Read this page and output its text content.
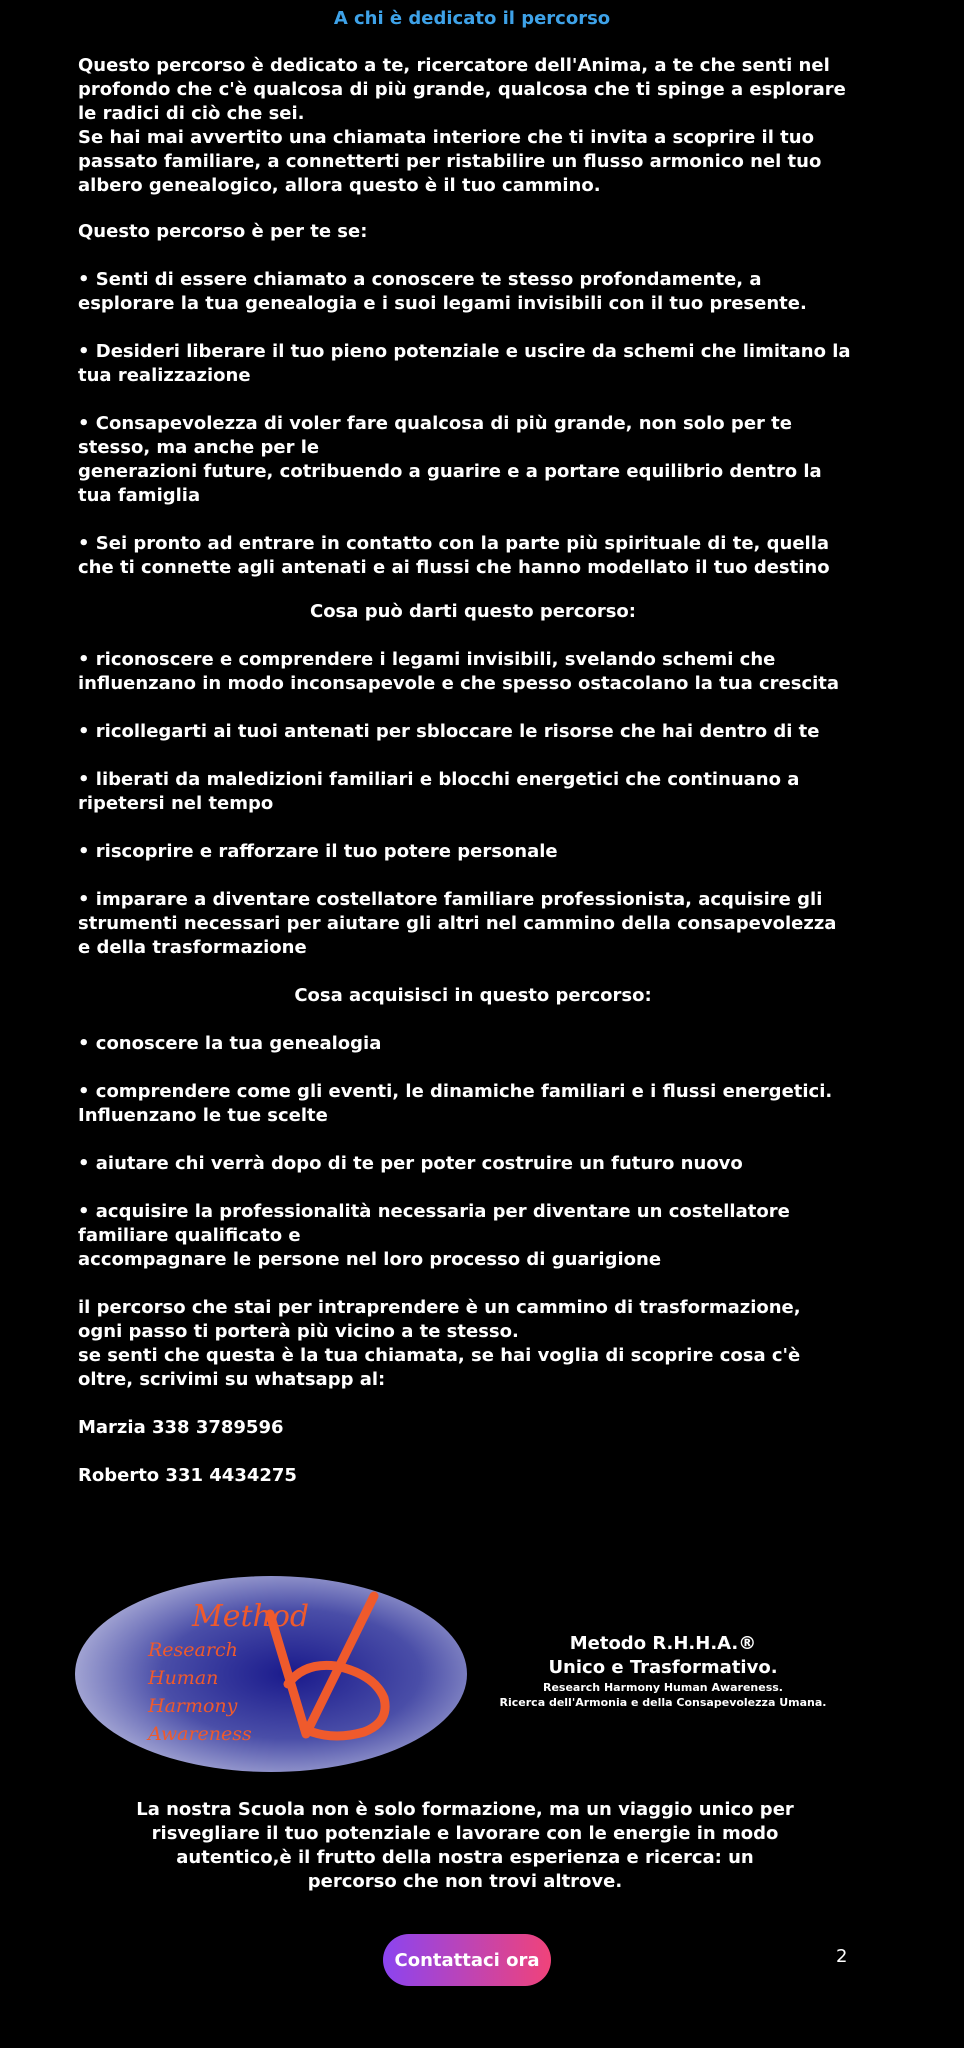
A chi è dedicato il percorso

Questo percorso è dedicato a te, ricercatore dell'Anima, a te che senti nel

profondo che c'è qualcosa di più grande, qualcosa che ti spinge a esplorare

le radici di ciò che sei.

Se hai mai avvertito una chiamata interiore che ti invita a scoprire il tuo

passato familiare, a connetterti per ristabilire un flusso armonico nel tuo

albero genealogico, allora questo è il tuo cammino.

Questo percorso è per te se:

• Senti di essere chiamato a conoscere te stesso profondamente, a

esplorare la tua genealogia e i suoi legami invisibili con il tuo presente.

• Desideri liberare il tuo pieno potenziale e uscire da schemi che limitano la

tua realizzazione

• Consapevolezza di voler fare qualcosa di più grande, non solo per te

stesso, ma anche per le

generazioni future, cotribuendo a guarire e a portare equilibrio dentro la

tua famiglia

• Sei pronto ad entrare in contatto con la parte più spirituale di te, quella

che ti connette agli antenati e ai flussi che hanno modellato il tuo destino

Cosa può darti questo percorso:

• riconoscere e comprendere i legami invisibili, svelando schemi che

influenzano in modo inconsapevole e che spesso ostacolano la tua crescita

• ricollegarti ai tuoi antenati per sbloccare le risorse che hai dentro di te

• liberati da maledizioni familiari e blocchi energetici che continuano a

ripetersi nel tempo

• riscoprire e rafforzare il tuo potere personale

• imparare a diventare costellatore familiare professionista, acquisire gli

strumenti necessari per aiutare gli altri nel cammino della consapevolezza

e della trasformazione

Cosa acquisisci in questo percorso:

• conoscere la tua genealogia

• comprendere come gli eventi, le dinamiche familiari e i flussi energetici.

Influenzano le tue scelte

• aiutare chi verrà dopo di te per poter costruire un futuro nuovo

• acquisire la professionalità necessaria per diventare un costellatore

familiare qualificato e

accompagnare le persone nel loro processo di guarigione

il percorso che stai per intraprendere è un cammino di trasformazione,

ogni passo ti porterà più vicino a te stesso.

se senti che questa è la tua chiamata, se hai voglia di scoprire cosa c'è

oltre, scrivimi su whatsapp al:

Marzia 338 3789596

Roberto 331 4434275

Method
Research
Human
Harmony
Awareness
Metodo R.H.H.A.®
Unico e Trasformativo.
Research Harmony Human Awareness.
Ricerca dell'Armonia e della Consapevolezza Umana.
La nostra Scuola non è solo formazione, ma un viaggio unico per
risvegliare il tuo potenziale e lavorare con le energie in modo
autentico,è il frutto della nostra esperienza e ricerca: un
percorso che non trovi altrove.
Contattaci ora	2
